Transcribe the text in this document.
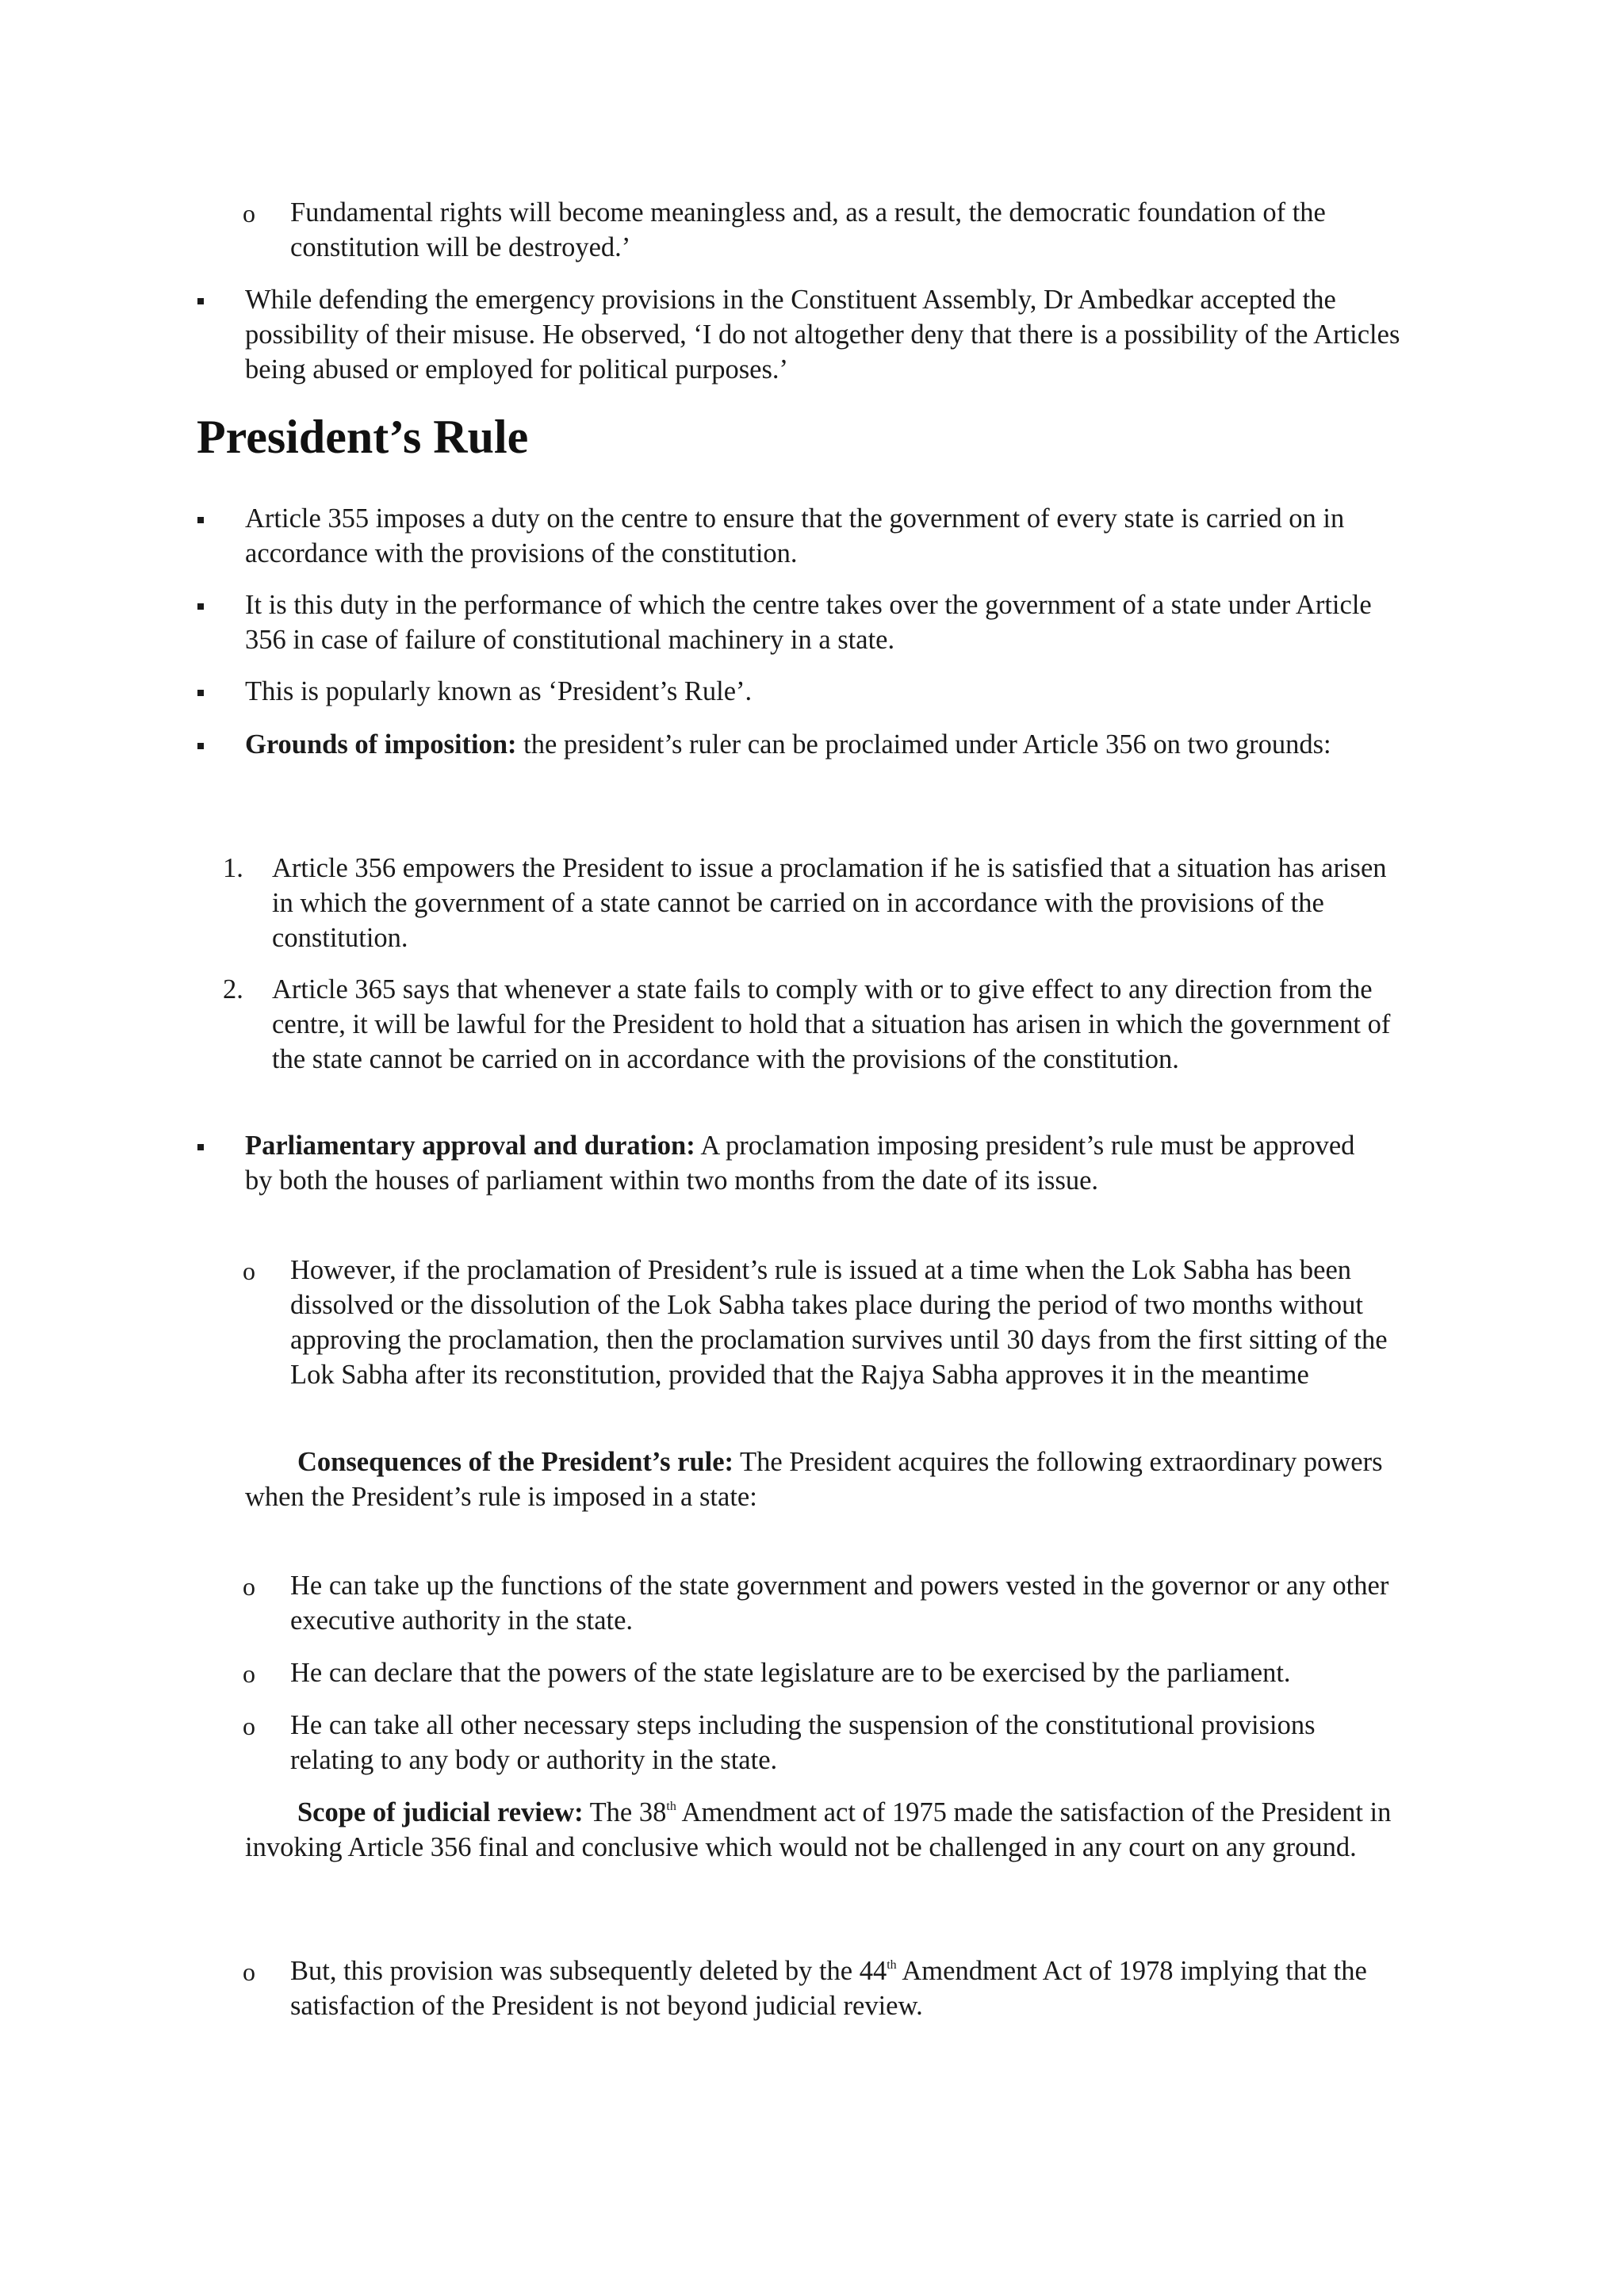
o Fundamental rights will become meaningless and, as a result, the democratic foundation of the constitution will be destroyed.’
While defending the emergency provisions in the Constituent Assembly, Dr Ambedkar accepted the possibility of their misuse. He observed, ‘I do not altogether deny that there is a possibility of the Articles being abused or employed for political purposes.’
President’s Rule
Article 355 imposes a duty on the centre to ensure that the government of every state is carried on in accordance with the provisions of the constitution.
It is this duty in the performance of which the centre takes over the government of a state under Article 356 in case of failure of constitutional machinery in a state.
This is popularly known as ‘President’s Rule’.
Grounds of imposition: the president’s ruler can be proclaimed under Article 356 on two grounds:
1. Article 356 empowers the President to issue a proclamation if he is satisfied that a situation has arisen in which the government of a state cannot be carried on in accordance with the provisions of the constitution.
2. Article 365 says that whenever a state fails to comply with or to give effect to any direction from the centre, it will be lawful for the President to hold that a situation has arisen in which the government of the state cannot be carried on in accordance with the provisions of the constitution.
Parliamentary approval and duration: A proclamation imposing president’s rule must be approved by both the houses of parliament within two months from the date of its issue.
o However, if the proclamation of President’s rule is issued at a time when the Lok Sabha has been dissolved or the dissolution of the Lok Sabha takes place during the period of two months without approving the proclamation, then the proclamation survives until 30 days from the first sitting of the Lok Sabha after its reconstitution, provided that the Rajya Sabha approves it in the meantime
Consequences of the President’s rule: The President acquires the following extraordinary powers when the President’s rule is imposed in a state:
o He can take up the functions of the state government and powers vested in the governor or any other executive authority in the state.
o He can declare that the powers of the state legislature are to be exercised by the parliament.
o He can take all other necessary steps including the suspension of the constitutional provisions relating to any body or authority in the state.
Scope of judicial review: The 38th Amendment act of 1975 made the satisfaction of the President in invoking Article 356 final and conclusive which would not be challenged in any court on any ground.
o But, this provision was subsequently deleted by the 44th Amendment Act of 1978 implying that the satisfaction of the President is not beyond judicial review.
